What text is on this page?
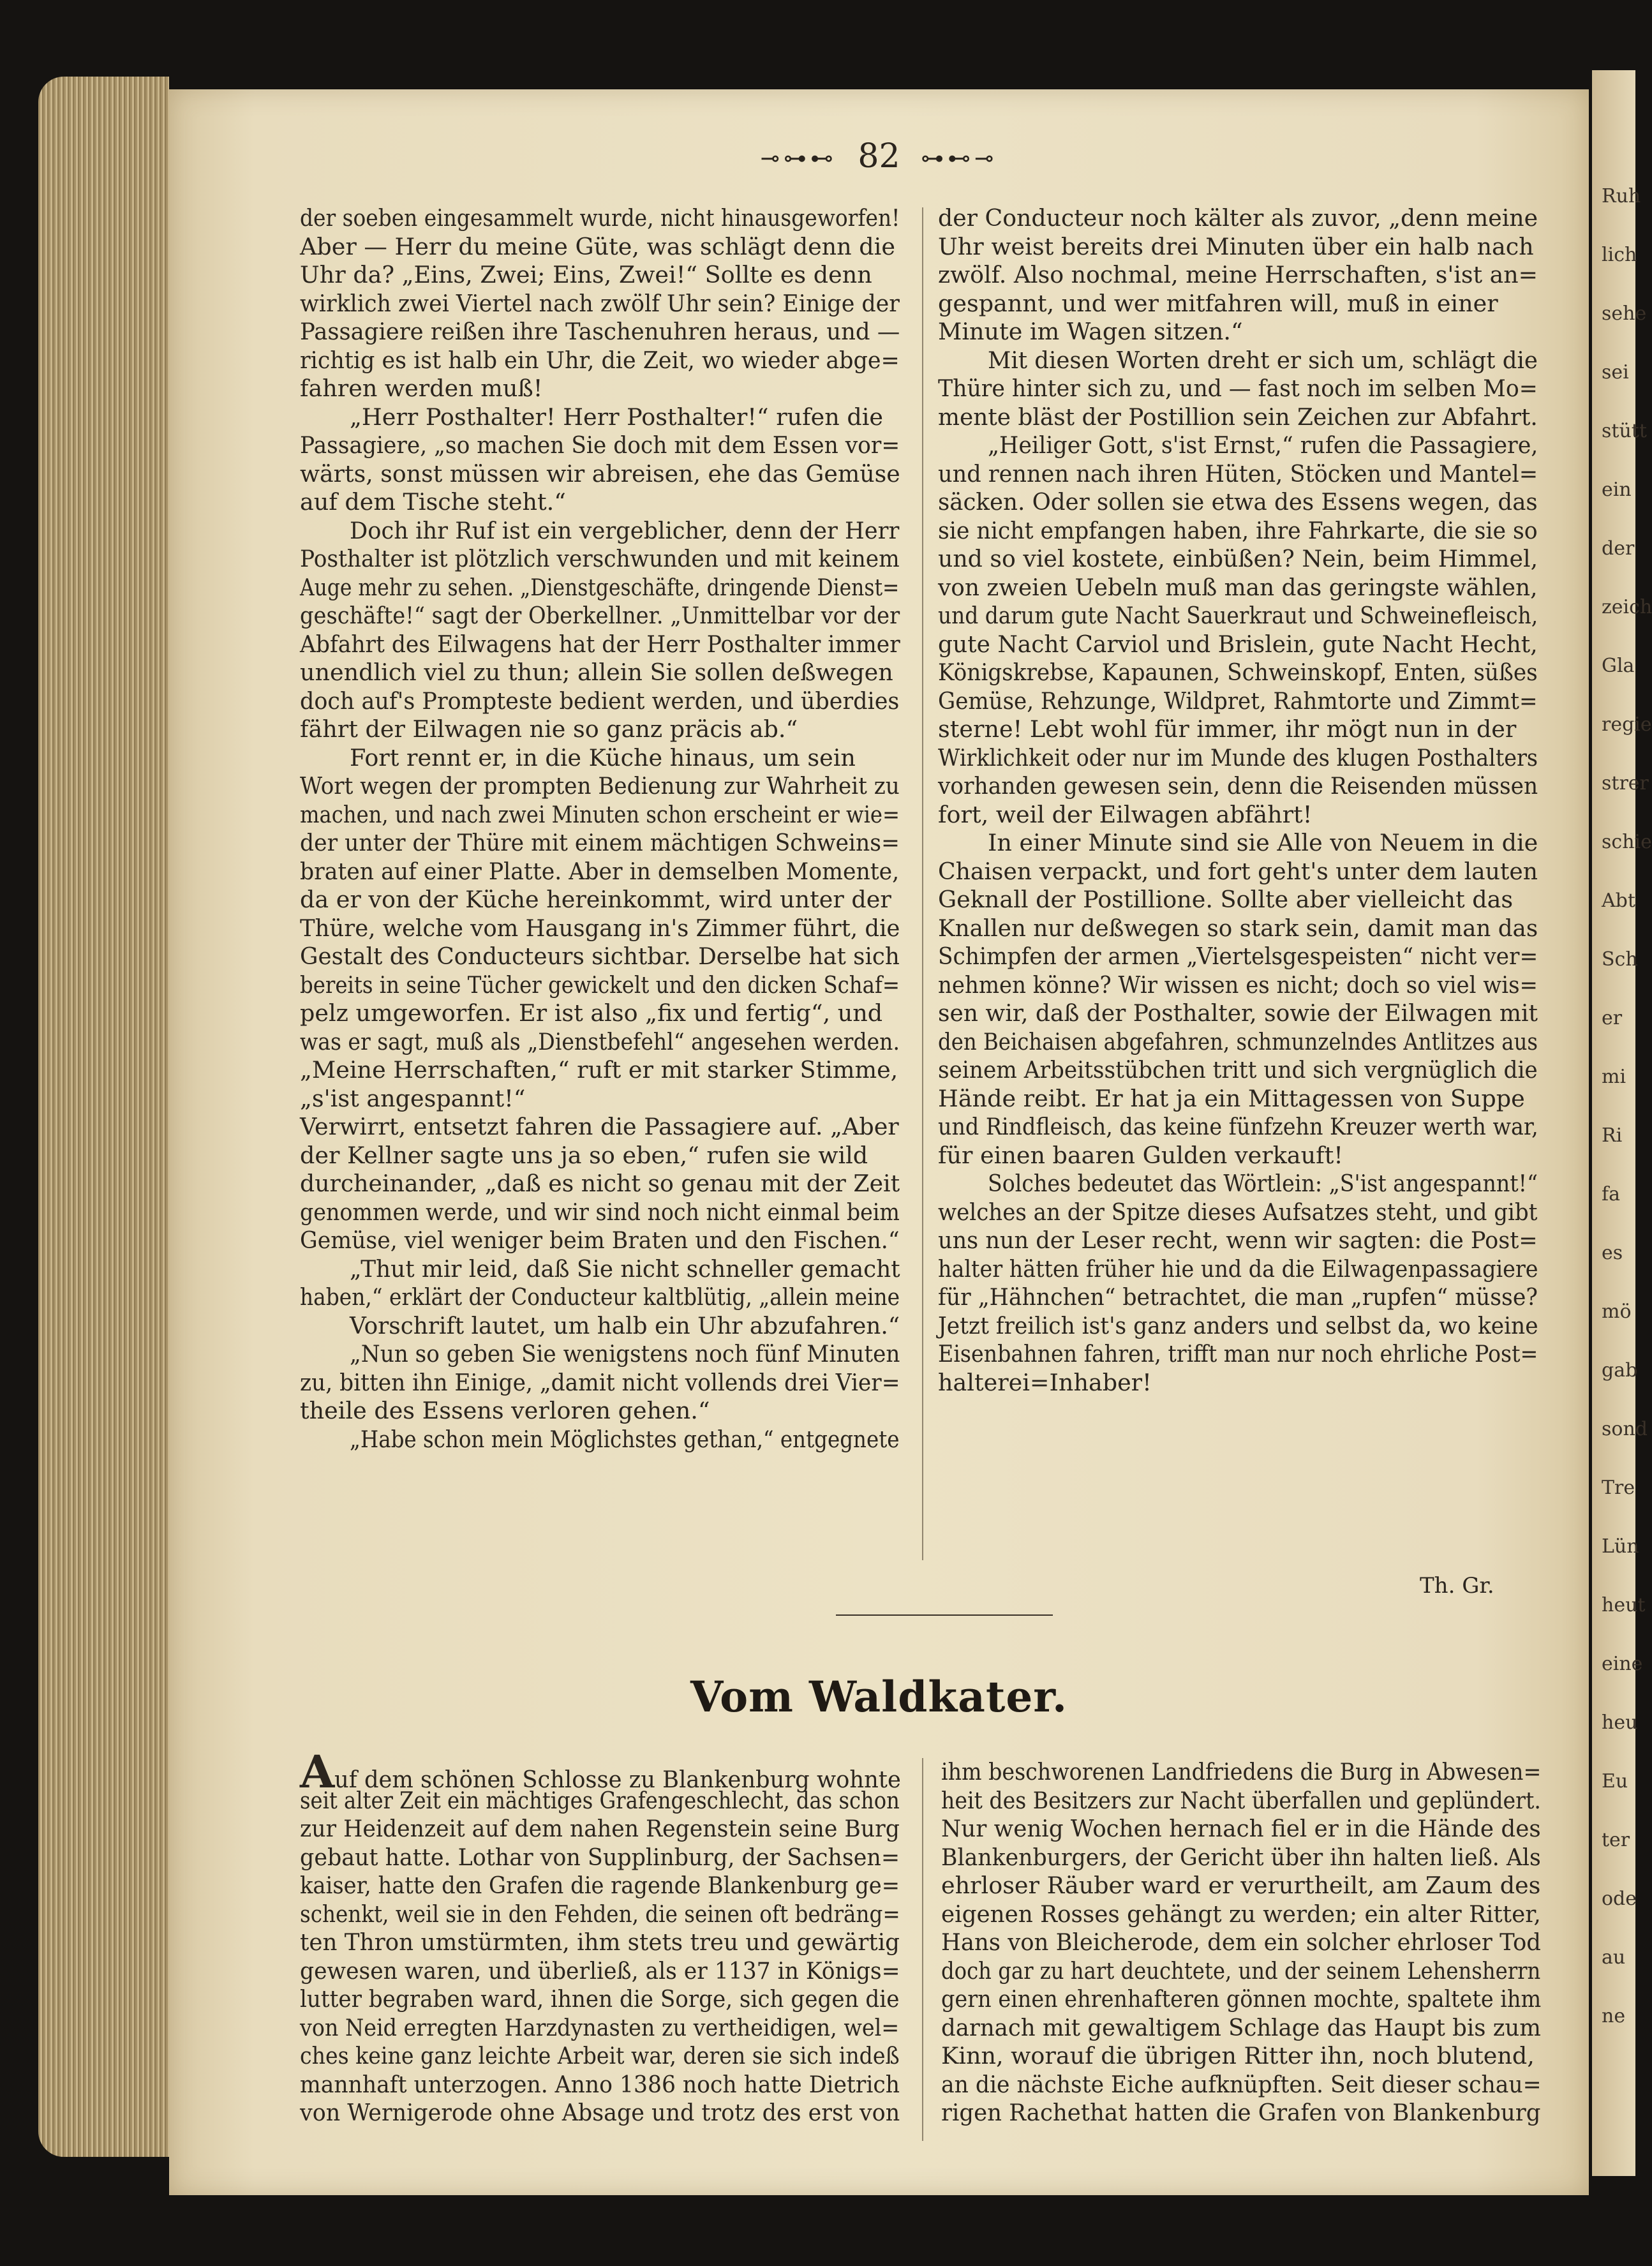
⊸⊶⊷ 82 ⊶⊷⊸
der soeben eingesammelt wurde, nicht hinausgeworfen!
Aber — Herr du meine Güte, was schlägt denn die
Uhr da? „Eins, Zwei; Eins, Zwei!“ Sollte es denn
wirklich zwei Viertel nach zwölf Uhr sein? Einige der
Passagiere reißen ihre Taschenuhren heraus, und —
richtig es ist halb ein Uhr, die Zeit, wo wieder abge=
fahren werden muß!
„Herr Posthalter! Herr Posthalter!“ rufen die
Passagiere, „so machen Sie doch mit dem Essen vor=
wärts, sonst müssen wir abreisen, ehe das Gemüse
auf dem Tische steht.“
Doch ihr Ruf ist ein vergeblicher, denn der Herr
Posthalter ist plötzlich verschwunden und mit keinem
Auge mehr zu sehen. „Dienstgeschäfte, dringende Dienst=
geschäfte!“ sagt der Oberkellner. „Unmittelbar vor der
Abfahrt des Eilwagens hat der Herr Posthalter immer
unendlich viel zu thun; allein Sie sollen deßwegen
doch auf's Prompteste bedient werden, und überdies
fährt der Eilwagen nie so ganz präcis ab.“
Fort rennt er, in die Küche hinaus, um sein
Wort wegen der prompten Bedienung zur Wahrheit zu
machen, und nach zwei Minuten schon erscheint er wie=
der unter der Thüre mit einem mächtigen Schweins=
braten auf einer Platte. Aber in demselben Momente,
da er von der Küche hereinkommt, wird unter der
Thüre, welche vom Hausgang in's Zimmer führt, die
Gestalt des Conducteurs sichtbar. Derselbe hat sich
bereits in seine Tücher gewickelt und den dicken Schaf=
pelz umgeworfen. Er ist also „fix und fertig“, und
was er sagt, muß als „Dienstbefehl“ angesehen werden.
„Meine Herrschaften,“ ruft er mit starker Stimme,
„s'ist angespannt!“
Verwirrt, entsetzt fahren die Passagiere auf. „Aber
der Kellner sagte uns ja so eben,“ rufen sie wild
durcheinander, „daß es nicht so genau mit der Zeit
genommen werde, und wir sind noch nicht einmal beim
Gemüse, viel weniger beim Braten und den Fischen.“
„Thut mir leid, daß Sie nicht schneller gemacht
haben,“ erklärt der Conducteur kaltblütig, „allein meine
Vorschrift lautet, um halb ein Uhr abzufahren.“
„Nun so geben Sie wenigstens noch fünf Minuten
zu, bitten ihn Einige, „damit nicht vollends drei Vier=
theile des Essens verloren gehen.“
„Habe schon mein Möglichstes gethan,“ entgegnete
der Conducteur noch kälter als zuvor, „denn meine
Uhr weist bereits drei Minuten über ein halb nach
zwölf. Also nochmal, meine Herrschaften, s'ist an=
gespannt, und wer mitfahren will, muß in einer
Minute im Wagen sitzen.“
Mit diesen Worten dreht er sich um, schlägt die
Thüre hinter sich zu, und — fast noch im selben Mo=
mente bläst der Postillion sein Zeichen zur Abfahrt.
„Heiliger Gott, s'ist Ernst,“ rufen die Passagiere,
und rennen nach ihren Hüten, Stöcken und Mantel=
säcken. Oder sollen sie etwa des Essens wegen, das
sie nicht empfangen haben, ihre Fahrkarte, die sie so
und so viel kostete, einbüßen? Nein, beim Himmel,
von zweien Uebeln muß man das geringste wählen,
und darum gute Nacht Sauerkraut und Schweinefleisch,
gute Nacht Carviol und Brislein, gute Nacht Hecht,
Königskrebse, Kapaunen, Schweinskopf, Enten, süßes
Gemüse, Rehzunge, Wildpret, Rahmtorte und Zimmt=
sterne! Lebt wohl für immer, ihr mögt nun in der
Wirklichkeit oder nur im Munde des klugen Posthalters
vorhanden gewesen sein, denn die Reisenden müssen
fort, weil der Eilwagen abfährt!
In einer Minute sind sie Alle von Neuem in die
Chaisen verpackt, und fort geht's unter dem lauten
Geknall der Postillione. Sollte aber vielleicht das
Knallen nur deßwegen so stark sein, damit man das
Schimpfen der armen „Viertelsgespeisten“ nicht ver=
nehmen könne? Wir wissen es nicht; doch so viel wis=
sen wir, daß der Posthalter, sowie der Eilwagen mit
den Beichaisen abgefahren, schmunzelndes Antlitzes aus
seinem Arbeitsstübchen tritt und sich vergnüglich die
Hände reibt. Er hat ja ein Mittagessen von Suppe
und Rindfleisch, das keine fünfzehn Kreuzer werth war,
für einen baaren Gulden verkauft!
Solches bedeutet das Wörtlein: „S'ist angespannt!“
welches an der Spitze dieses Aufsatzes steht, und gibt
uns nun der Leser recht, wenn wir sagten: die Post=
halter hätten früher hie und da die Eilwagenpassagiere
für „Hähnchen“ betrachtet, die man „rupfen“ müsse?
Jetzt freilich ist's ganz anders und selbst da, wo keine
Eisenbahnen fahren, trifft man nur noch ehrliche Post=
halterei=Inhaber!
Th. Gr.
Vom Waldkater.
Auf dem schönen Schlosse zu Blankenburg wohnte
seit alter Zeit ein mächtiges Grafengeschlecht, das schon
zur Heidenzeit auf dem nahen Regenstein seine Burg
gebaut hatte. Lothar von Supplinburg, der Sachsen=
kaiser, hatte den Grafen die ragende Blankenburg ge=
schenkt, weil sie in den Fehden, die seinen oft bedräng=
ten Thron umstürmten, ihm stets treu und gewärtig
gewesen waren, und überließ, als er 1137 in Königs=
lutter begraben ward, ihnen die Sorge, sich gegen die
von Neid erregten Harzdynasten zu vertheidigen, wel=
ches keine ganz leichte Arbeit war, deren sie sich indeß
mannhaft unterzogen. Anno 1386 noch hatte Dietrich
von Wernigerode ohne Absage und trotz des erst von
ihm beschworenen Landfriedens die Burg in Abwesen=
heit des Besitzers zur Nacht überfallen und geplündert.
Nur wenig Wochen hernach fiel er in die Hände des
Blankenburgers, der Gericht über ihn halten ließ. Als
ehrloser Räuber ward er verurtheilt, am Zaum des
eigenen Rosses gehängt zu werden; ein alter Ritter,
Hans von Bleicherode, dem ein solcher ehrloser Tod
doch gar zu hart deuchtete, und der seinem Lehensherrn
gern einen ehrenhafteren gönnen mochte, spaltete ihm
darnach mit gewaltigem Schlage das Haupt bis zum
Kinn, worauf die übrigen Ritter ihn, noch blutend,
an die nächste Eiche aufknüpften. Seit dieser schau=
rigen Rachethat hatten die Grafen von Blankenburg
Ruh
lich
sehe
sei
stütt
ein
der
zeich
Gla
regie
strer
schie
Abt
Sch
er
mi
Ri
fa
es
mö
gab
sond
Tre
Lün
heut
eine
heu
Eu
ter
ode
au
ne
